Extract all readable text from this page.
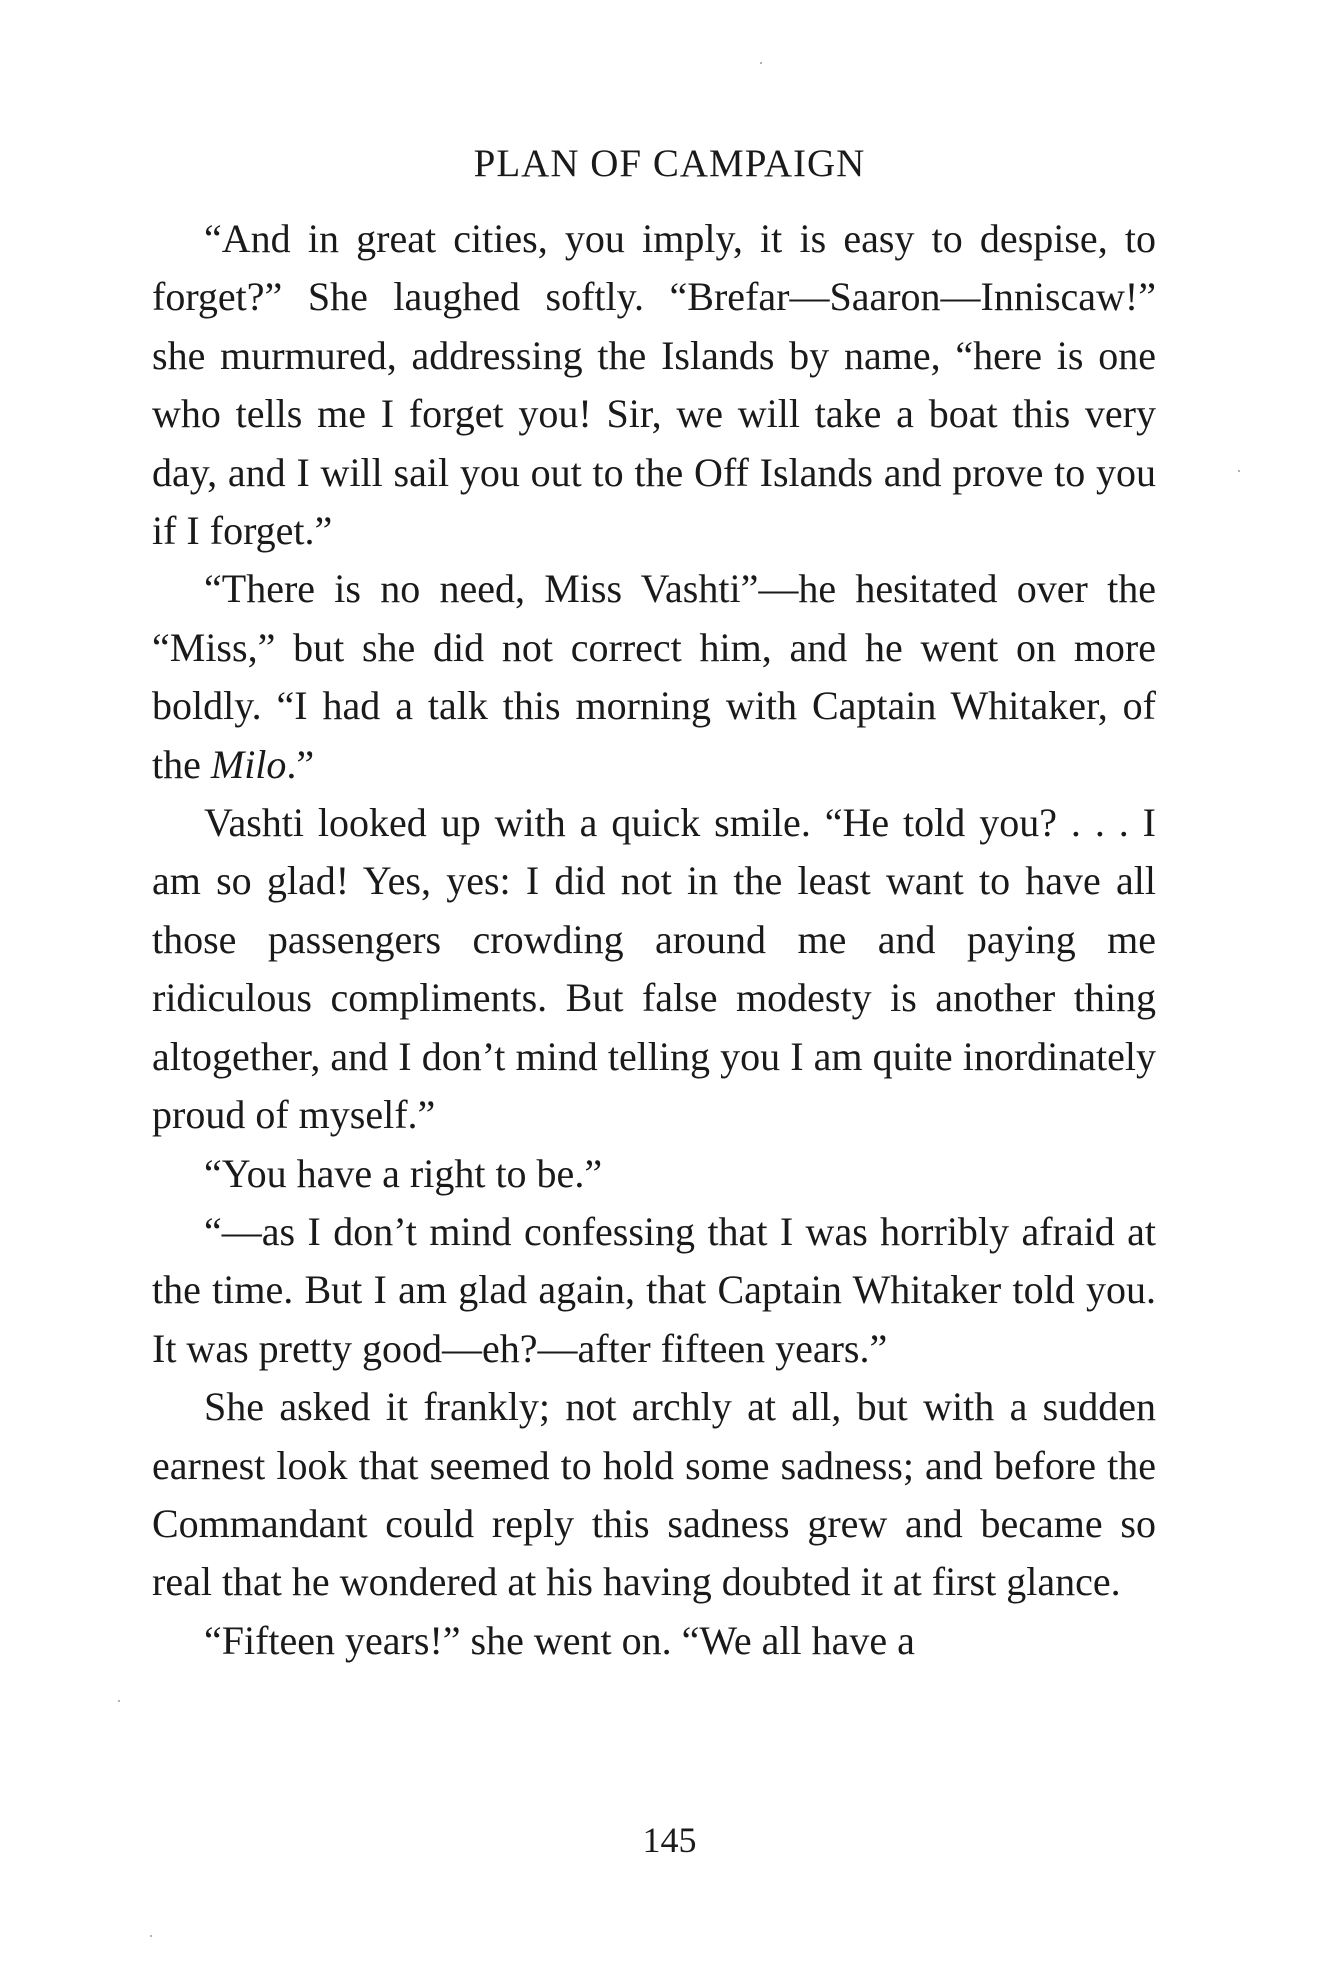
PLAN OF CAMPAIGN

“And in great cities, you imply, it is easy to despise, to forget?” She laughed softly. “Brefar—Saaron—Inniscaw!” she murmured, addressing the Islands by name, “here is one who tells me I forget you! Sir, we will take a boat this very day, and I will sail you out to the Off Islands and prove to you if I forget.”

“There is no need, Miss Vashti”—he hesitated over the “Miss,” but she did not correct him, and he went on more boldly. “I had a talk this morning with Captain Whitaker, of the Milo.”

Vashti looked up with a quick smile. “He told you? . . . I am so glad! Yes, yes: I did not in the least want to have all those passengers crowding around me and paying me ridiculous compliments. But false modesty is another thing altogether, and I don’t mind telling you I am quite inordinately proud of myself.”

“You have a right to be.”

“—as I don’t mind confessing that I was horribly afraid at the time. But I am glad again, that Captain Whitaker told you. It was pretty good—eh?—after fifteen years.”

She asked it frankly; not archly at all, but with a sudden earnest look that seemed to hold some sadness; and before the Commandant could reply this sadness grew and became so real that he wondered at his having doubted it at first glance.

“Fifteen years!” she went on. “We all have a

145
